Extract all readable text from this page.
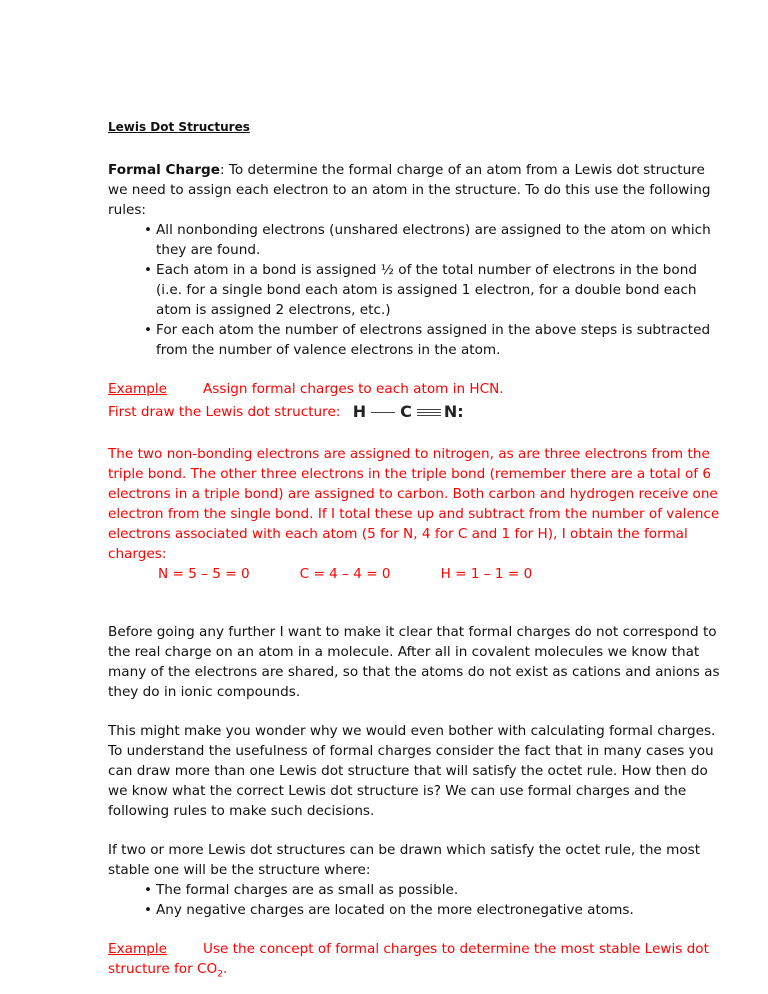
Lewis Dot Structures

Formal Charge: To determine the formal charge of an atom from a Lewis dot structure we need to assign each electron to an atom in the structure. To do this use the following rules:

• All nonbonding electrons (unshared electrons) are assigned to the atom on which they are found.
• Each atom in a bond is assigned ½ of the total number of electrons in the bond (i.e. for a single bond each atom is assigned 1 electron, for a double bond each atom is assigned 2 electrons, etc.)
• For each atom the number of electrons assigned in the above steps is subtracted from the number of valence electrons in the atom.

Example	Assign formal charges to each atom in HCN.

First draw the Lewis dot structure: H C N:

The two non-bonding electrons are assigned to nitrogen, as are three electrons from the triple bond. The other three electrons in the triple bond (remember there are a total of 6 electrons in a triple bond) are assigned to carbon. Both carbon and hydrogen receive one electron from the single bond. If I total these up and subtract from the number of valence electrons associated with each atom (5 for N, 4 for C and 1 for H), I obtain the formal charges:

N = 5 – 5 = 0	C = 4 – 4 = 0	H = 1 – 1 = 0

Before going any further I want to make it clear that formal charges do not correspond to the real charge on an atom in a molecule. After all in covalent molecules we know that many of the electrons are shared, so that the atoms do not exist as cations and anions as they do in ionic compounds.

This might make you wonder why we would even bother with calculating formal charges. To understand the usefulness of formal charges consider the fact that in many cases you can draw more than one Lewis dot structure that will satisfy the octet rule. How then do we know what the correct Lewis dot structure is? We can use formal charges and the following rules to make such decisions.

If two or more Lewis dot structures can be drawn which satisfy the octet rule, the most stable one will be the structure where:

• The formal charges are as small as possible.
• Any negative charges are located on the more electronegative atoms.

Example	Use the concept of formal charges to determine the most stable Lewis dot structure for $CO_2$.
